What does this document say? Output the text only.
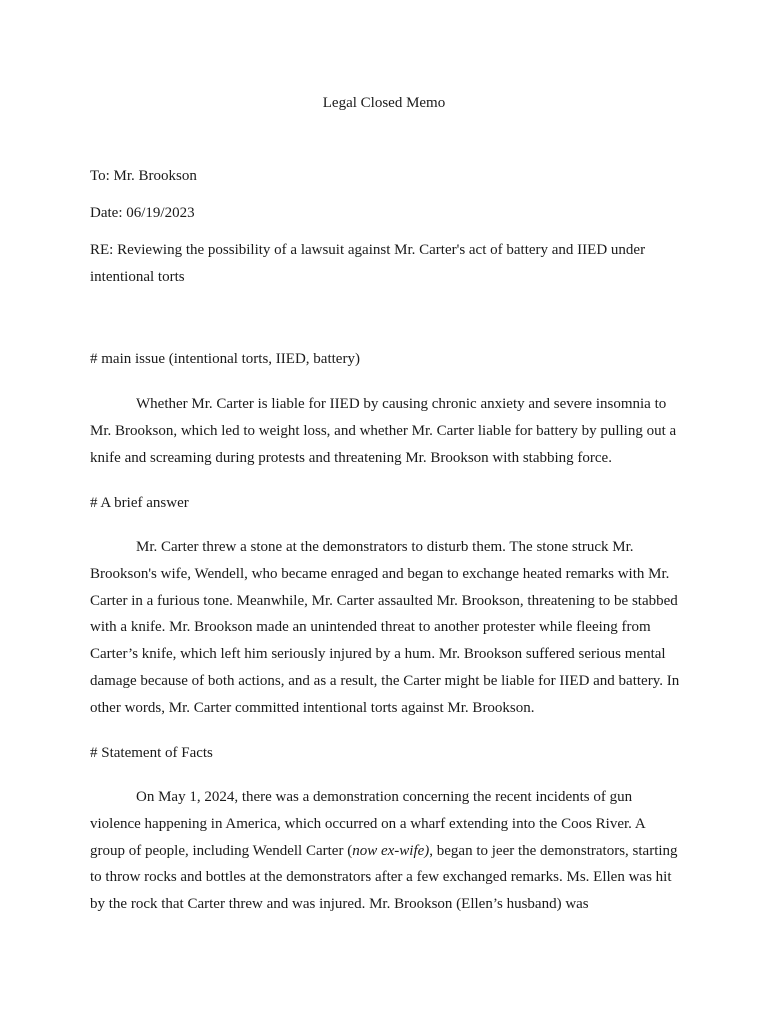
Legal Closed Memo
To: Mr. Brookson
Date: 06/19/2023
RE: Reviewing the possibility of a lawsuit against Mr. Carter's act of battery and IIED under intentional torts
# main issue (intentional torts, IIED, battery)
Whether Mr. Carter is liable for IIED by causing chronic anxiety and severe insomnia to Mr. Brookson, which led to weight loss, and whether Mr. Carter liable for battery by pulling out a knife and screaming during protests and threatening Mr. Brookson with stabbing force.
# A brief answer
Mr. Carter threw a stone at the demonstrators to disturb them. The stone struck Mr. Brookson's wife, Wendell, who became enraged and began to exchange heated remarks with Mr. Carter in a furious tone. Meanwhile, Mr. Carter assaulted Mr. Brookson, threatening to be stabbed with a knife. Mr. Brookson made an unintended threat to another protester while fleeing from Carter’s knife, which left him seriously injured by a hum. Mr. Brookson suffered serious mental damage because of both actions, and as a result, the Carter might be liable for IIED and battery. In other words, Mr. Carter committed intentional torts against Mr. Brookson.
# Statement of Facts
On May 1, 2024, there was a demonstration concerning the recent incidents of gun violence happening in America, which occurred on a wharf extending into the Coos River. A group of people, including Wendell Carter (now ex-wife), began to jeer the demonstrators, starting to throw rocks and bottles at the demonstrators after a few exchanged remarks. Ms. Ellen was hit by the rock that Carter threw and was injured. Mr. Brookson (Ellen’s husband) was
